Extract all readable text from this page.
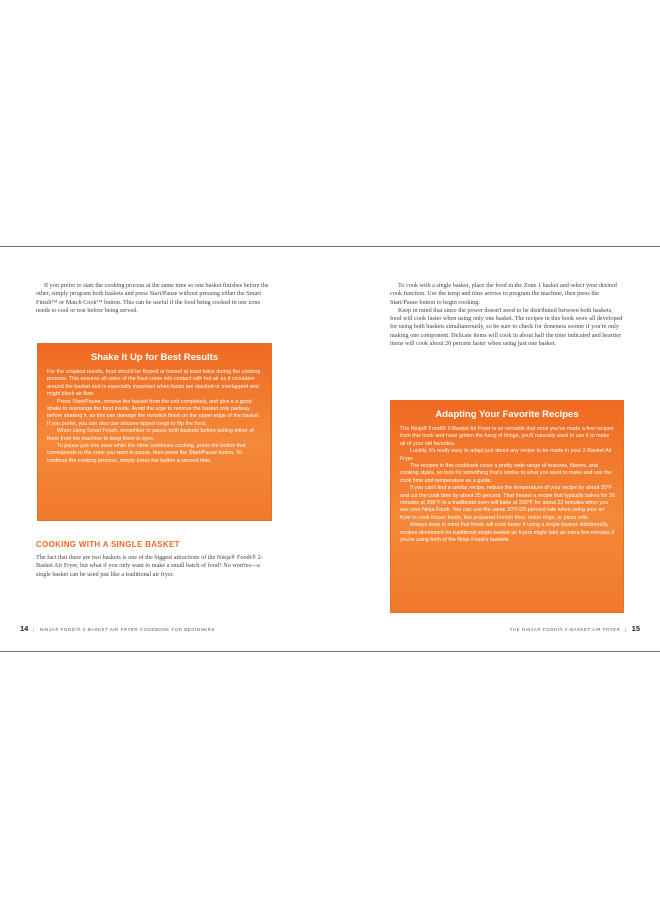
If you prefer to start the cooking process at the same time so one basket finishes before the other, simply program both baskets and press Start/Pause without pressing either the Smart Finish™ or Match Cook™ button. This can be useful if the food being cooked in one zone needs to cool or rest before being served.

Shake It Up for Best Results

For the crispiest results, food should be flipped or tossed at least twice during the cooking process. This ensures all sides of the food come into contact with hot air as it circulates around the basket and is especially important when foods are stacked or overlapped and might block air flow.

Press Start/Pause, remove the basket from the unit completely, and give it a good shake to rearrange the food inside. Avoid the urge to remove the basket only partway before shaking it, as this can damage the nonstick finish on the upper edge of the basket. If you prefer, you can also use silicone-tipped tongs to flip the food.

When using Smart Finish, remember to pause both baskets before pulling either of them from the machine to keep them in sync.

To pause just one zone while the other continues cooking, press the button that corresponds to the zone you want to pause, then press the Start/Pause button. To continue the cooking process, simply press the button a second time.

COOKING WITH A SINGLE BASKET

The fact that there are two baskets is one of the biggest attractions of the Ninja® Foodi® 2-Basket Air Fryer, but what if you only want to make a small batch of food? No worries—a single basket can be used just like a traditional air fryer.

14 | NINJA® FOODI® 2-BASKET AIR FRYER COOKBOOK FOR BEGINNERS

To cook with a single basket, place the food in the Zone 1 basket and select your desired cook function. Use the temp and time arrows to program the machine, then press the Start/Pause button to begin cooking.

Keep in mind that since the power doesn't need to be distributed between both baskets, food will cook faster when using only one basket. The recipes in this book were all developed for using both baskets simultaneously, so be sure to check for doneness sooner if you're only making one component. Delicate items will cook in about half the time indicated and heartier items will cook about 20 percent faster when using just one basket.

Adapting Your Favorite Recipes

The Ninja® Foodi® 2-Basket Air Fryer is so versatile that once you've made a few recipes from this book and have gotten the hang of things, you'll naturally want to use it to make all of your old favorites.

Luckily, it's really easy to adapt just about any recipe to be made in your 2-Basket Air Fryer.

The recipes in this cookbook cover a pretty wide range of textures, flavors, and cooking styles, so look for something that's similar to what you want to make and use the cook time and temperature as a guide.

If you can't find a similar recipe, reduce the temperature of your recipe by about 20°F and cut the cook time by about 25 percent. That means a recipe that typically bakes for 30 minutes at 350°F in a traditional oven will bake at 330°F for about 22 minutes when you use your Ninja Foodi. You can use the same 20°F/25-percent rule when using your air fryer to cook frozen foods, like prepared French fries, onion rings, or pizza rolls.

Always keep in mind that foods will cook faster if using a single basket. Additionally, recipes developed for traditional single-basket air fryers might take an extra few minutes if you're using both of the Ninja Foodi's baskets.

THE NINJA® FOODI® 2-BASKET AIR FRYER | 15
